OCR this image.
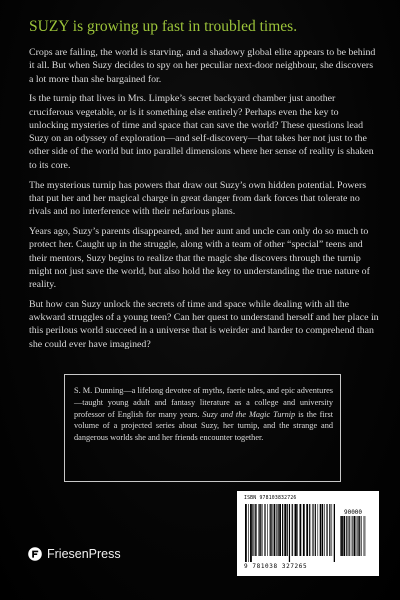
SUZY is growing up fast in troubled times.

Crops are failing, the world is starving, and a shadowy global elite appears to be behind it all. But when Suzy decides to spy on her peculiar next-door neighbour, she discovers a lot more than she bargained for.

Is the turnip that lives in Mrs. Limpke’s secret backyard chamber just another cruciferous vegetable, or is it something else entirely? Perhaps even the key to unlocking mysteries of time and space that can save the world? These questions lead Suzy on an odyssey of exploration—and self-discovery—that takes her not just to the other side of the world but into parallel dimensions where her sense of reality is shaken to its core.

The mysterious turnip has powers that draw out Suzy’s own hidden potential. Powers that put her and her magical charge in great danger from dark forces that tolerate no rivals and no interference with their nefarious plans.

Years ago, Suzy’s parents disappeared, and her aunt and uncle can only do so much to protect her. Caught up in the struggle, along with a team of other “special” teens and their mentors, Suzy begins to realize that the magic she discovers through the turnip might not just save the world, but also hold the key to understanding the true nature of reality.

But how can Suzy unlock the secrets of time and space while dealing with all the awkward struggles of a young teen? Can her quest to understand herself and her place in this perilous world succeed in a universe that is weirder and harder to comprehend than she could ever have imagined?

S. M. Dunning—a lifelong devotee of myths, faerie tales, and epic adventures—taught young adult and fantasy literature as a college and university professor of English for many years. Suzy and the Magic Turnip is the first volume of a projected series about Suzy, her turnip, and the strange and dangerous worlds she and her friends encounter together.
ISBN 978103832726
90000
9 781038 327265
FriesenPress
